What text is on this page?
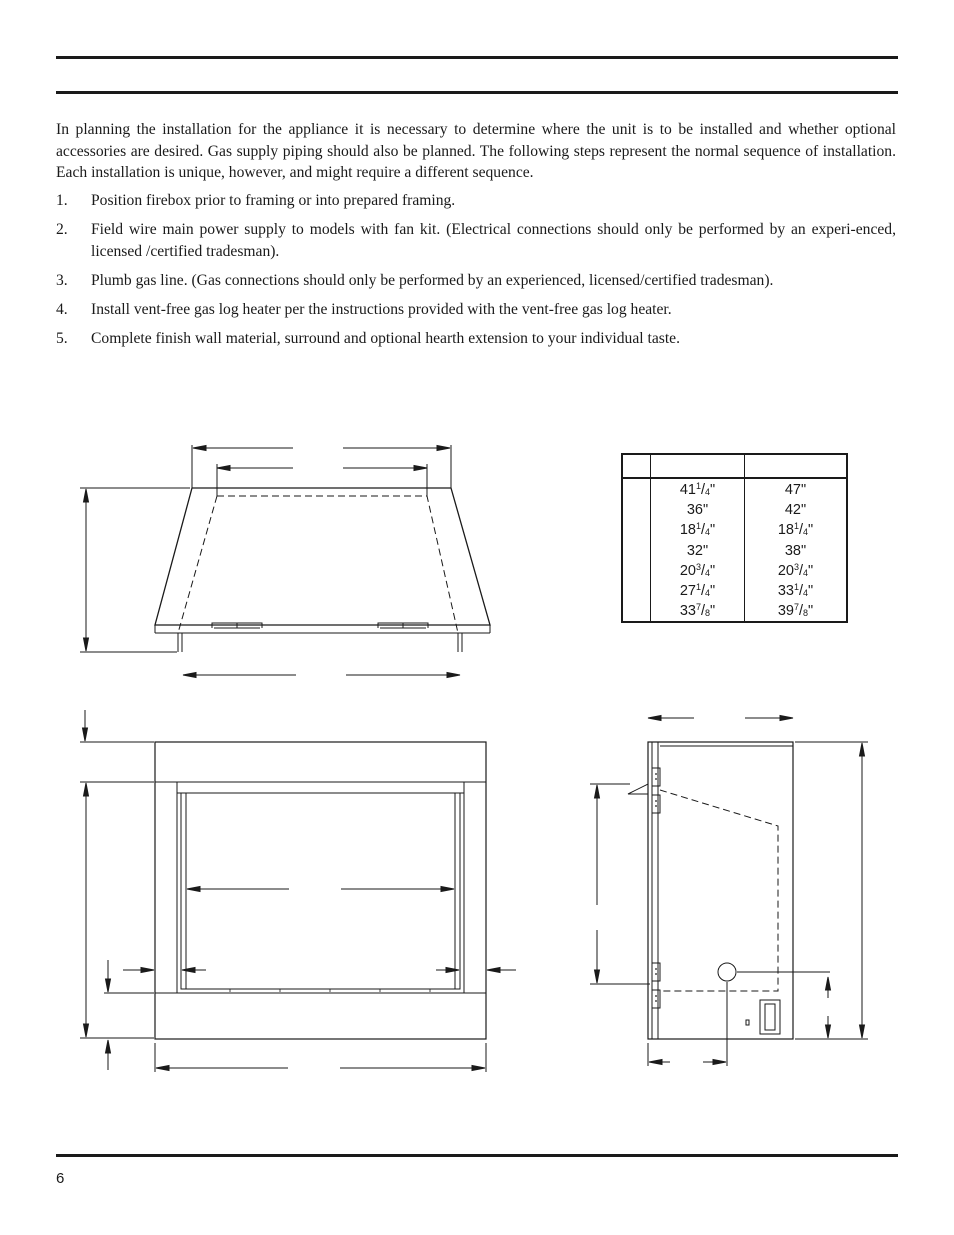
In planning the installation for the appliance it is necessary to determine where the unit is to be installed and whether optional accessories are desired. Gas supply piping should also be planned. The following steps represent the normal sequence of installation. Each installation is unique, however, and might require a different sequence.

1. Position firebox prior to framing or into prepared framing.
2. Field wire main power supply to models with fan kit. (Electrical connections should only be performed by an experi-enced, licensed /certified tradesman).
3. Plumb gas line. (Gas connections should only be performed by an experienced, licensed/certified tradesman).
4. Install vent-free gas log heater per the instructions provided with the vent-free gas log heater.
5. Complete finish wall material, surround and optional hearth extension to your individual taste.
$41^1/_4$"
36"
$18^1/_4$"
32"
$20^3/_4$"
$27^1/_4$"
$33^7/_8$"
47"
42"
$18^1/_4$"
38"
$20^3/_4$"
$33^1/_4$"
$39^7/_8$"
6
